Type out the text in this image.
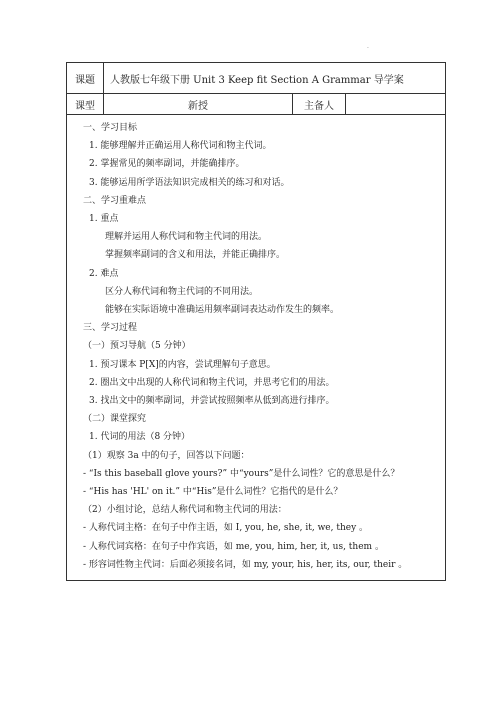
·
课题	人教版七年级下册 Unit 3 Keep fit Section A Grammar 导学案
课型	新授	主备人
一、学习目标
1. 能够理解并正确运用人称代词和物主代词。
2. 掌握常见的频率副词，并能确排序。
3. 能够运用所学语法知识完成相关的练习和对话。
二、学习重难点
1. 重点
理解并运用人称代词和物主代词的用法。
掌握频率副词的含义和用法，并能正确排序。
2. 难点
区分人称代词和物主代词的不同用法。
能够在实际语境中准确运用频率副词表达动作发生的频率。
三、学习过程
（一）预习导航（5 分钟）
1. 预习课本 P[X]的内容，尝试理解句子意思。
2. 圈出文中出现的人称代词和物主代词，并思考它们的用法。
3. 找出文中的频率副词，并尝试按照频率从低到高进行排序。
（二）课堂探究
1. 代词的用法（8 分钟）
（1）观察 3a 中的句子，回答以下问题：
- “Is this baseball glove yours?” 中“yours”是什么词性？它的意思是什么？
- “His has 'HL' on it.” 中“His”是什么词性？它指代的是什么？
（2）小组讨论，总结人称代词和物主代词的用法：
- 人称代词主格：在句子中作主语，如 I, you, he, she, it, we, they 。
- 人称代词宾格：在句子中作宾语，如 me, you, him, her, it, us, them 。
- 形容词性物主代词：后面必须接名词，如 my, your, his, her, its, our, their 。
